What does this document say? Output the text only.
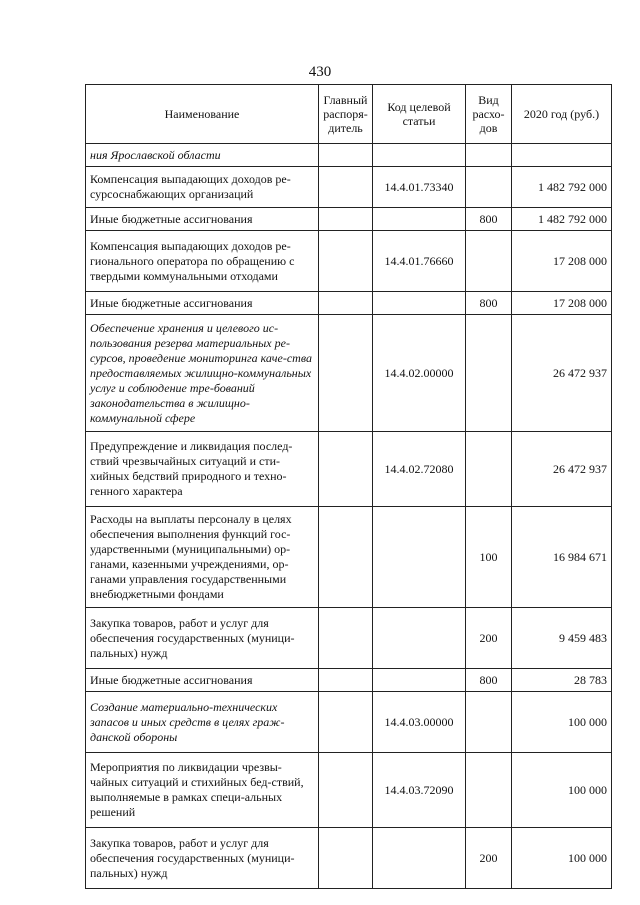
430
Наименование	Главный распоря-дитель	Код целевой статьи	Вид расхо-дов	2020 год (руб.)
ния Ярославской области				
Компенсация выпадающих доходов ре-сурсоснабжающих организаций		14.4.01.73340		1 482 792 000
Иные бюджетные ассигнования			800	1 482 792 000
Компенсация выпадающих доходов ре-гионального оператора по обращению с твердыми коммунальными отходами		14.4.01.76660		17 208 000
Иные бюджетные ассигнования			800	17 208 000
Обеспечение хранения и целевого ис-пользования резерва материальных ре-сурсов, проведение мониторинга каче-ства предоставляемых жилищно-коммунальных услуг и соблюдение тре-бований законодательства в жилищно-коммунальной сфере		14.4.02.00000		26 472 937
Предупреждение и ликвидация послед-ствий чрезвычайных ситуаций и сти-хийных бедствий природного и техно-генного характера		14.4.02.72080		26 472 937
Расходы на выплаты персоналу в целях обеспечения выполнения функций гос-ударственными (муниципальными) ор-ганами, казенными учреждениями, ор-ганами управления государственными внебюджетными фондами			100	16 984 671
Закупка товаров, работ и услуг для обеспечения государственных (муници-пальных) нужд			200	9 459 483
Иные бюджетные ассигнования			800	28 783
Создание материально-технических запасов и иных средств в целях граж-данской обороны		14.4.03.00000		100 000
Мероприятия по ликвидации чрезвы-чайных ситуаций и стихийных бед-ствий, выполняемые в рамках специ-альных решений		14.4.03.72090		100 000
Закупка товаров, работ и услуг для обеспечения государственных (муници-пальных) нужд			200	100 000
